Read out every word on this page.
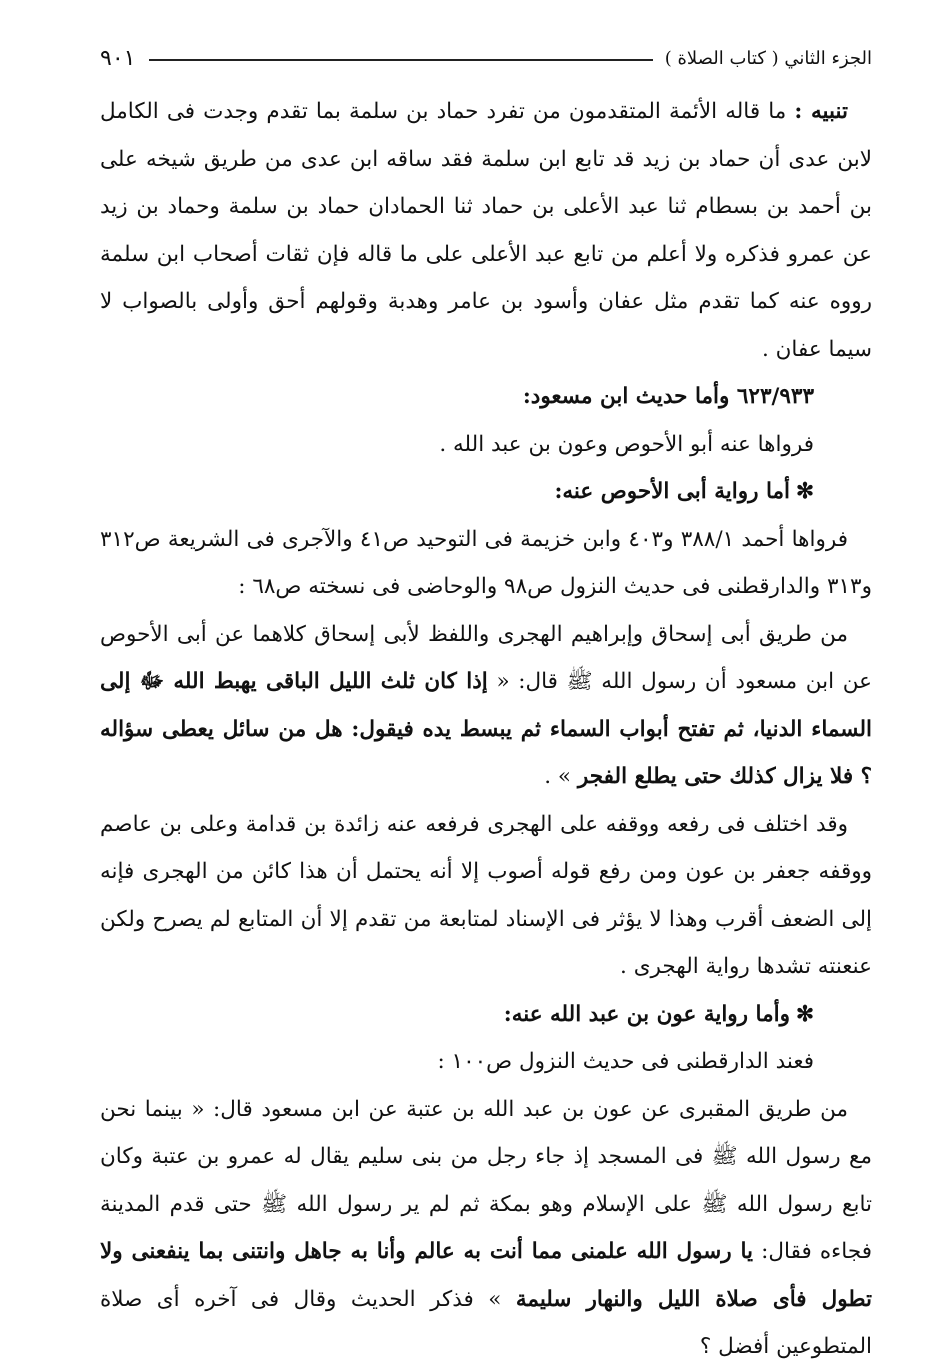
الجزء الثاني ( كتاب الصلاة )
٩٠١

تنبيه : ما قاله الأئمة المتقدمون من تفرد حماد بن سلمة بما تقدم وجدت فى الكامل لابن عدى أن حماد بن زيد قد تابع ابن سلمة فقد ساقه ابن عدى من طريق شيخه على بن أحمد بن بسطام ثنا عبد الأعلى بن حماد ثنا الحمادان حماد بن سلمة وحماد بن زيد عن عمرو فذكره ولا أعلم من تابع عبد الأعلى على ما قاله فإن ثقات أصحاب ابن سلمة رووه عنه كما تقدم مثل عفان وأسود بن عامر وهدبة وقولهم أحق وأولى بالصواب لا سيما عفان .

٦٢٣/٩٣٣ وأما حديث ابن مسعود:

فرواها عنه أبو الأحوص وعون بن عبد الله .

✻أما رواية أبى الأحوص عنه:

فرواها أحمد ٣٨٨/١ و٤٠٣ وابن خزيمة فى التوحيد ص٤١ والآجرى فى الشريعة ص٣١٢ و٣١٣ والدارقطنى فى حديث النزول ص٩٨ والوحاضى فى نسخته ص٦٨ :

من طريق أبى إسحاق وإبراهيم الهجرى واللفظ لأبى إسحاق كلاهما عن أبى الأحوص عن ابن مسعود أن رسول الله ﷺ قال: « إذا كان ثلث الليل الباقى يهبط الله ﷻ إلى السماء الدنيا، ثم تفتح أبواب السماء ثم يبسط يده فيقول: هل من سائل يعطى سؤاله ؟ فلا يزال كذلك حتى يطلع الفجر » .

وقد اختلف فى رفعه ووقفه على الهجرى فرفعه عنه زائدة بن قدامة وعلى بن عاصم ووقفه جعفر بن عون ومن رفع قوله أصوب إلا أنه يحتمل أن هذا كائن من الهجرى فإنه إلى الضعف أقرب وهذا لا يؤثر فى الإسناد لمتابعة من تقدم إلا أن المتابع لم يصرح ولكن عنعنته تشدها رواية الهجرى .

✻وأما رواية عون بن عبد الله عنه:

فعند الدارقطنى فى حديث النزول ص١٠٠ :

من طريق المقبرى عن عون بن عبد الله بن عتبة عن ابن مسعود قال: « بينما نحن مع رسول الله ﷺ فى المسجد إذ جاء رجل من بنى سليم يقال له عمرو بن عتبة وكان تابع رسول الله ﷺ على الإسلام وهو بمكة ثم لم ير رسول الله ﷺ حتى قدم المدينة فجاءه فقال: يا رسول الله علمنى مما أنت به عالم وأنا به جاهل وانتنى بما ينفعنى ولا تطول فأى صلاة الليل والنهار سليمة » فذكر الحديث وقال فى آخره أى صلاة المتطوعين أفضل ؟
